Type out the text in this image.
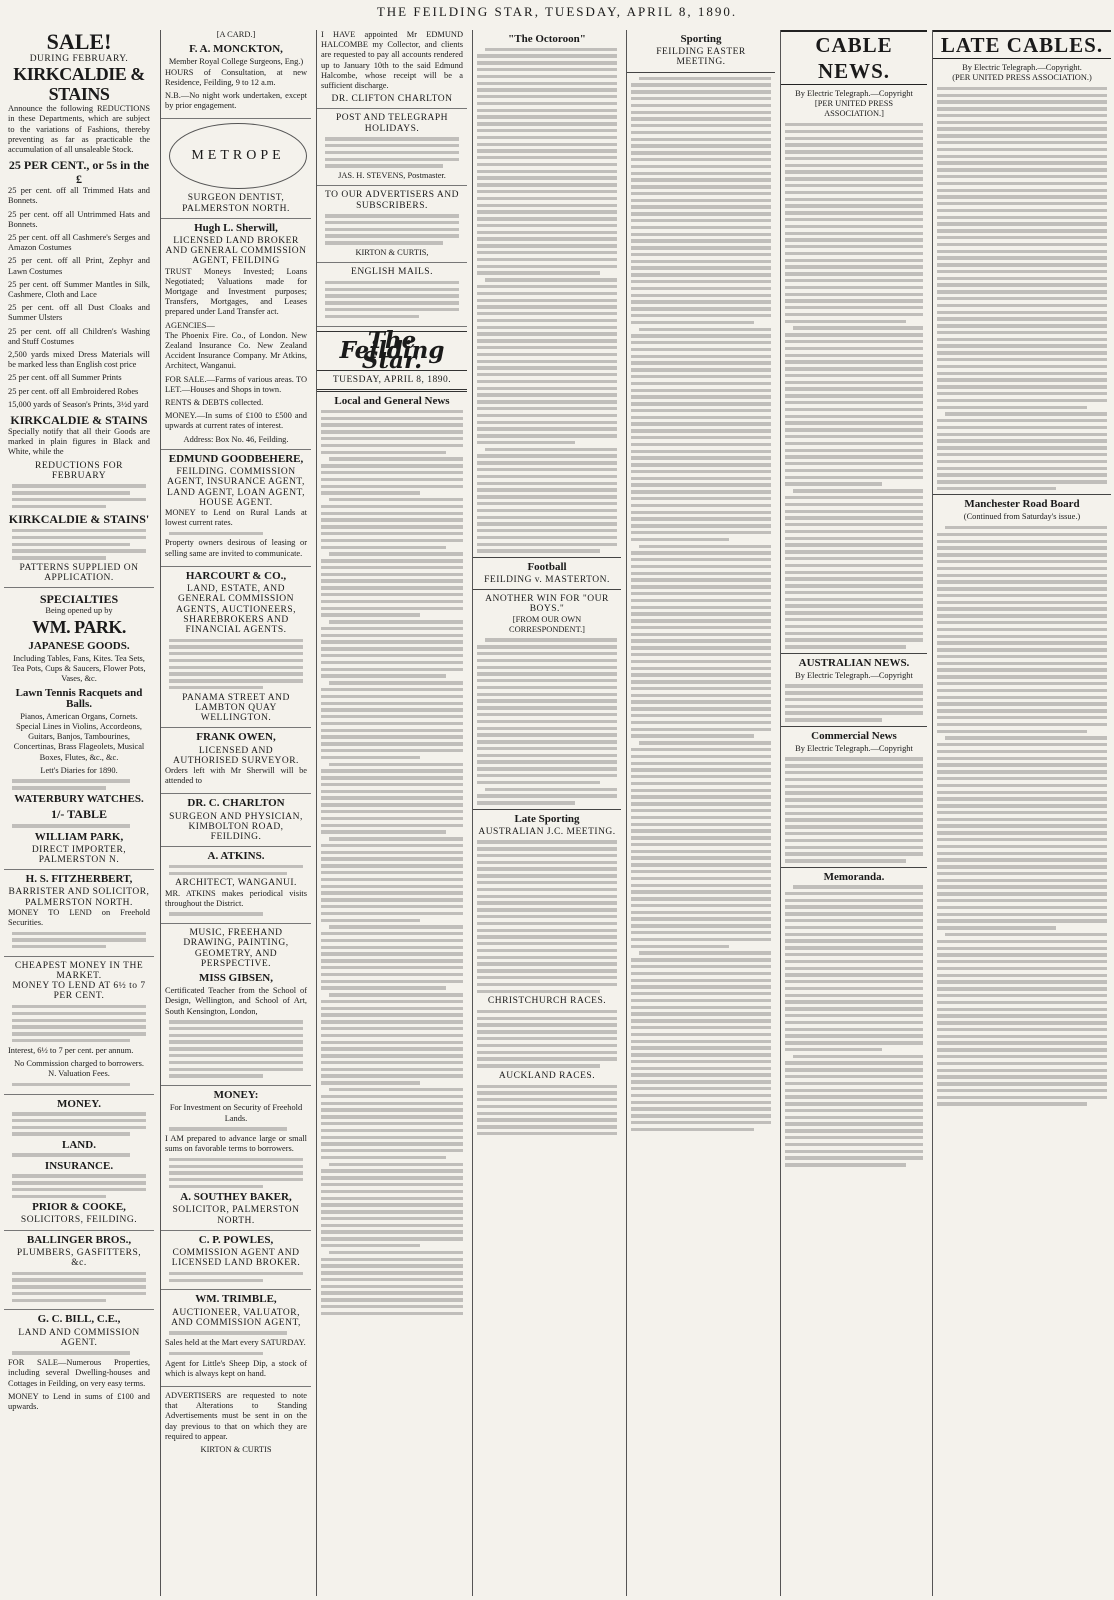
THE FEILDING STAR, TUESDAY, APRIL 8, 1890.
SALE!
DURING FEBRUARY.
KIRKCALDIE & STAINS

Announce the following REDUCTIONS in these Departments, which are subject to the variations of Fashions, thereby preventing as far as practicable the accumulation of all unsaleable Stock.

25 PER CENT., or 5s in the £

25 per cent. off all Trimmed Hats and Bonnets.

25 per cent. off all Untrimmed Hats and Bonnets.

25 per cent. off all Cashmere's Serges and Amazon Costumes

25 per cent. off all Print, Zephyr and Lawn Costumes

25 per cent. off Summer Mantles in Silk, Cashmere, Cloth and Lace

25 per cent. off all Dust Cloaks and Summer Ulsters

25 per cent. off all Children's Washing and Stuff Costumes

2,500 yards mixed Dress Materials will be marked less than English cost price

25 per cent. off all Summer Prints

25 per cent. off all Embroidered Robes

15,000 yards of Season's Prints, 3½d yard

KIRKCALDIE & STAINS

Specially notify that all their Goods are marked in plain figures in Black and White, while the

REDUCTIONS FOR FEBRUARY
KIRKCALDIE & STAINS'
PATTERNS SUPPLIED ON APPLICATION.
SPECIALTIES
Being opened up by
WM. PARK.
JAPANESE GOODS.

Including Tables, Fans, Kites. Tea Sets, Tea Pots, Cups & Saucers, Flower Pots, Vases, &c.

Lawn Tennis Racquets and Balls.

Pianos, American Organs, Cornets. Special Lines in Violins, Accordeons, Guitars, Banjos, Tambourines, Concertinas, Brass Flageolets, Musical Boxes, Flutes, &c., &c.

Lett's Diaries for 1890.
WATERBURY WATCHES.
1/- TABLE
WILLIAM PARK,
DIRECT IMPORTER, PALMERSTON N.
H. S. FITZHERBERT,
BARRISTER AND SOLICITOR, PALMERSTON NORTH.

MONEY TO LEND on Freehold Securities.

CHEAPEST MONEY IN THE MARKET.
MONEY TO LEND AT 6½ to 7 PER CENT.

Interest, 6½ to 7 per cent. per annum.

No Commission charged to borrowers.
N. Valuation Fees.
MONEY.
LAND.
INSURANCE.
PRIOR & COOKE,
SOLICITORS, FEILDING.
BALLINGER BROS.,
PLUMBERS, GASFITTERS, &c.
G. C. BILL, C.E.,
LAND AND COMMISSION AGENT.

FOR SALE—Numerous Properties, including several Dwelling-houses and Cottages in Feilding, on very easy terms.

MONEY to Lend in sums of £100 and upwards.

[A CARD.]
F. A. MONCKTON,
Member Royal College Surgeons, Eng.)

HOURS of Consultation, at new Residence, Feilding, 9 to 12 a.m.

N.B.—No night work undertaken, except by prior engagement.

METROPE
SURGEON DENTIST,
PALMERSTON NORTH.
Hugh L. Sherwill,
LICENSED LAND BROKER AND GENERAL COMMISSION AGENT, FEILDING

TRUST Moneys Invested; Loans Negotiated; Valuations made for Mortgage and Investment purposes; Transfers, Mortgages, and Leases prepared under Land Transfer act.

AGENCIES—

The Phoenix Fire. Co., of London. New Zealand Insurance Co. New Zealand Accident Insurance Company. Mr Atkins, Architect, Wanganui.

FOR SALE.—Farms of various areas. TO LET.—Houses and Shops in town.

RENTS & DEBTS collected.

MONEY.—In sums of £100 to £500 and upwards at current rates of interest.

Address: Box No. 46, Feilding.
EDMUND GOODBEHERE,
FEILDING. COMMISSION AGENT, INSURANCE AGENT, LAND AGENT, LOAN AGENT, HOUSE AGENT.

MONEY to Lend on Rural Lands at lowest current rates.

Property owners desirous of leasing or selling same are invited to communicate.

HARCOURT & CO.,
LAND, ESTATE, AND GENERAL COMMISSION AGENTS, AUCTIONEERS, SHAREBROKERS AND FINANCIAL AGENTS.
PANAMA STREET AND LAMBTON QUAY WELLINGTON.
FRANK OWEN,
LICENSED AND AUTHORISED SURVEYOR.

Orders left with Mr Sherwill will be attended to

DR. C. CHARLTON
SURGEON AND PHYSICIAN, KIMBOLTON ROAD, FEILDING.
A. ATKINS.
ARCHITECT, WANGANUI.

MR. ATKINS makes periodical visits throughout the District.

MUSIC, FREEHAND DRAWING, PAINTING, GEOMETRY, AND PERSPECTIVE.
MISS GIBSEN,

Certificated Teacher from the School of Design, Wellington, and School of Art, South Kensington, London,

MONEY:

For Investment on Security of Freehold Lands.

I AM prepared to advance large or small sums on favorable terms to borrowers.

A. SOUTHEY BAKER,
SOLICITOR, PALMERSTON NORTH.
C. P. POWLES,
COMMISSION AGENT AND LICENSED LAND BROKER.
WM. TRIMBLE,
AUCTIONEER, VALUATOR, AND COMMISSION AGENT,

Sales held at the Mart every SATURDAY.

Agent for Little's Sheep Dip, a stock of which is always kept on hand.

ADVERTISERS are requested to note that Alterations to Standing Advertisements must be sent in on the day previous to that on which they are required to appear.

KIRTON & CURTIS

I HAVE appointed Mr EDMUND HALCOMBE my Collector, and clients are requested to pay all accounts rendered up to January 10th to the said Edmund Halcombe, whose receipt will be a sufficient discharge.

DR. CLIFTON CHARLTON
POST AND TELEGRAPH HOLIDAYS.
JAS. H. STEVENS, Postmaster.
TO OUR ADVERTISERS AND SUBSCRIBERS.
KIRTON & CURTIS,
ENGLISH MAILS.
The Feilding Star.
TUESDAY, APRIL 8, 1890.
Local and General News
"The Octoroon"
Football
FEILDING v. MASTERTON.
ANOTHER WIN FOR "OUR BOYS."
[FROM OUR OWN CORRESPONDENT.]
Late Sporting
AUSTRALIAN J.C. MEETING.
CHRISTCHURCH RACES.
AUCKLAND RACES.
Sporting
FEILDING EASTER MEETING.
CABLE NEWS.
By Electric Telegraph.—Copyright
[PER UNITED PRESS ASSOCIATION.]
AUSTRALIAN NEWS.
By Electric Telegraph.—Copyright
Commercial News
By Electric Telegraph.—Copyright
Memoranda.
LATE CABLES.
By Electric Telegraph.—Copyright.
(PER UNITED PRESS ASSOCIATION.)
Manchester Road Board
(Continued from Saturday's issue.)
